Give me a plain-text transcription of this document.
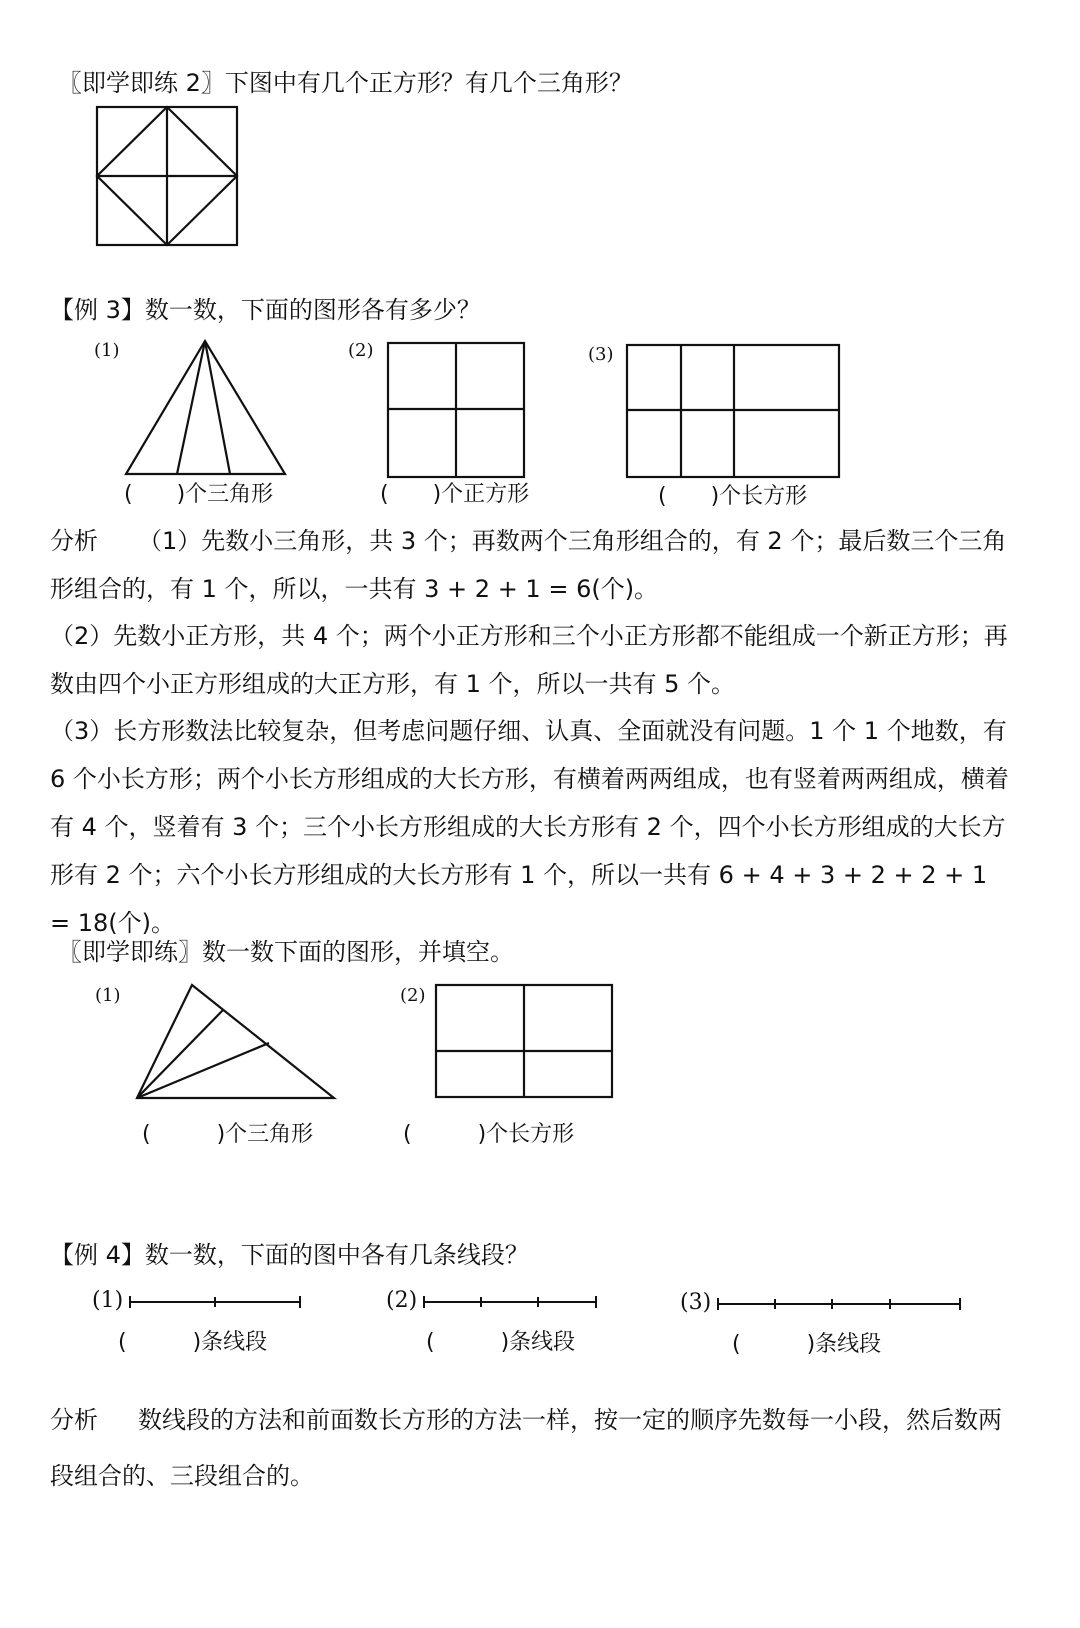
〖即学即练 2〗下图中有几个正方形？有几个三角形？
【例 3】数一数，下面的图形各有多少？
(1)
(　　)个三角形
(2)
(　　)个正方形
(3)
(　　)个长方形
分析 （1）先数小三角形，共 3 个；再数两个三角形组合的，有 2 个；最后数三个三角形组合的，有 1 个，所以，一共有 3 + 2 + 1 = 6(个)。
（2）先数小正方形，共 4 个；两个小正方形和三个小正方形都不能组成一个新正方形；再数由四个小正方形组成的大正方形，有 1 个，所以一共有 5 个。
（3）长方形数法比较复杂，但考虑问题仔细、认真、全面就没有问题。1 个 1 个地数，有 6 个小长方形；两个小长方形组成的大长方形，有横着两两组成，也有竖着两两组成，横着有 4 个，竖着有 3 个；三个小长方形组成的大长方形有 2 个，四个小长方形组成的大长方形有 2 个；六个小长方形组成的大长方形有 1 个，所以一共有 6 + 4 + 3 + 2 + 2 + 1 = 18(个)。
〖即学即练〗数一数下面的图形，并填空。
(1)
(　　　)个三角形
(2)
(　　　)个长方形
【例 4】数一数，下面的图中各有几条线段？
(1)
(　　　)条线段
(2)
(　　　)条线段
(3)
(　　　)条线段
分析 数线段的方法和前面数长方形的方法一样，按一定的顺序先数每一小段，然后数两段组合的、三段组合的。
